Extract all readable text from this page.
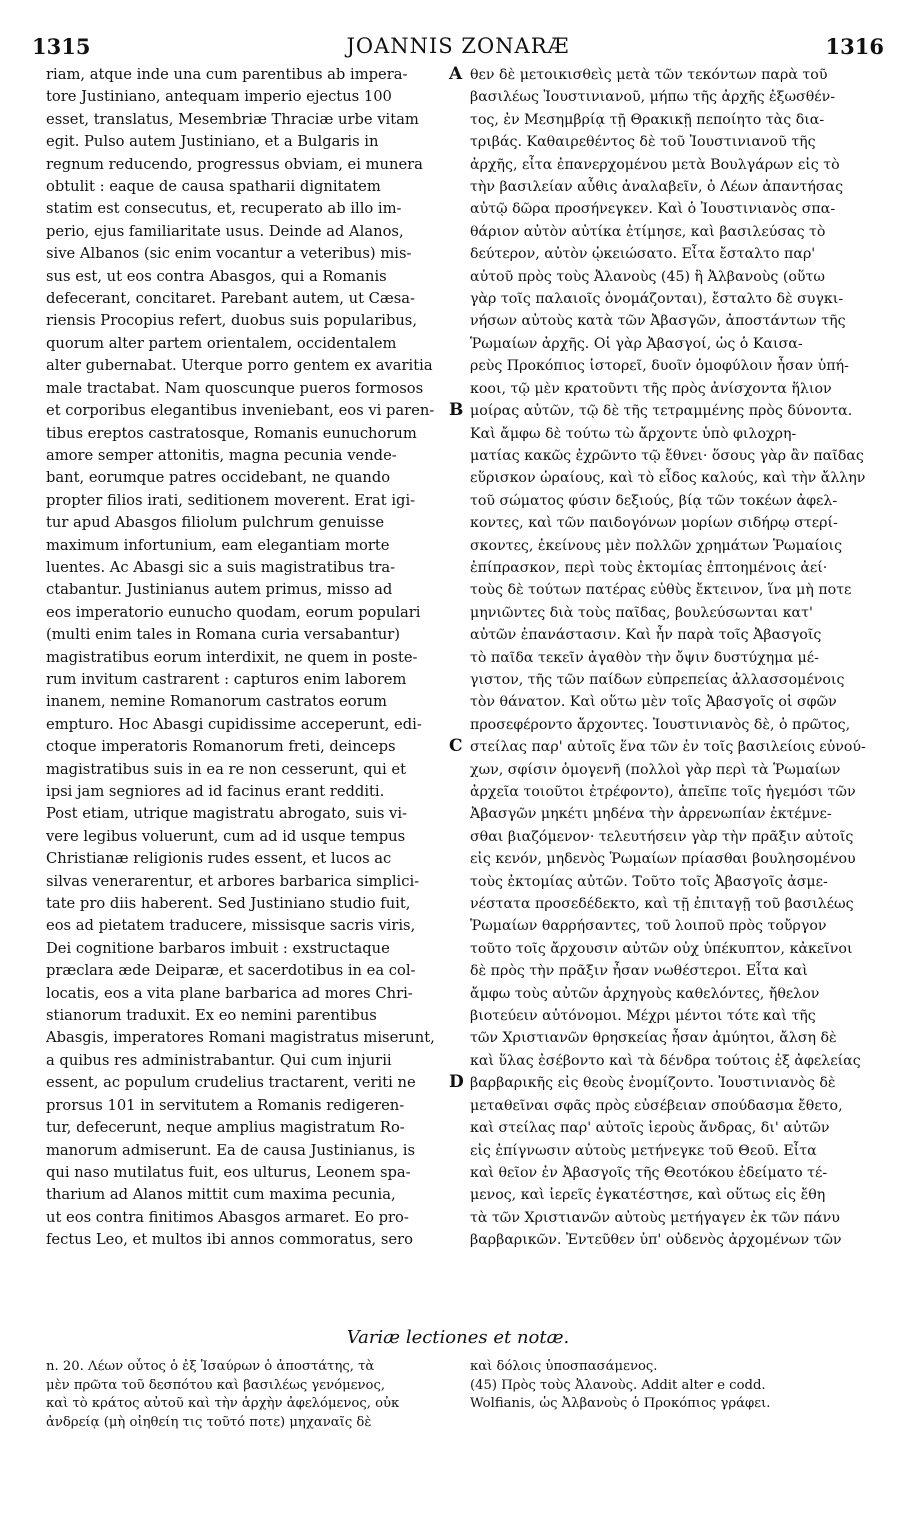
1315	JOANNIS ZONARÆ	1316
riam, atque inde una cum parentibus ab impera-
tore Justiniano, antequam imperio ejectus 100
esset, translatus, Mesembriæ Thraciæ urbe vitam
egit. Pulso autem Justiniano, et a Bulgaris in
regnum reducendo, progressus obviam, ei munera
obtulit : eaque de causa spatharii dignitatem
statim est consecutus, et, recuperato ab illo im-
perio, ejus familiaritate usus. Deinde ad Alanos,
sive Albanos (sic enim vocantur a veteribus) mis-
sus est, ut eos contra Abasgos, qui a Romanis
defecerant, concitaret. Parebant autem, ut Cæsa-
riensis Procopius refert, duobus suis popularibus,
quorum alter partem orientalem, occidentalem
alter gubernabat. Uterque porro gentem ex avaritia
male tractabat. Nam quoscunque pueros formosos
et corporibus elegantibus inveniebant, eos vi paren-
tibus ereptos castratosque, Romanis eunuchorum
amore semper attonitis, magna pecunia vende-
bant, eorumque patres occidebant, ne quando
propter filios irati, seditionem moverent. Erat igi-
tur apud Abasgos filiolum pulchrum genuisse
maximum infortunium, eam elegantiam morte
luentes. Ac Abasgi sic a suis magistratibus tra-
ctabantur. Justinianus autem primus, misso ad
eos imperatorio eunucho quodam, eorum populari
(multi enim tales in Romana curia versabantur)
magistratibus eorum interdixit, ne quem in poste-
rum invitum castrarent : capturos enim laborem
inanem, nemine Romanorum castratos eorum
empturo. Hoc Abasgi cupidissime acceperunt, edi-
ctoque imperatoris Romanorum freti, deinceps
magistratibus suis in ea re non cesserunt, qui et
ipsi jam segniores ad id facinus erant redditi.
Post etiam, utrique magistratu abrogato, suis vi-
vere legibus voluerunt, cum ad id usque tempus
Christianæ religionis rudes essent, et lucos ac
silvas venerarentur, et arbores barbarica simplici-
tate pro diis haberent. Sed Justiniano studio fuit,
eos ad pietatem traducere, missisque sacris viris,
Dei cognitione barbaros imbuit : exstructaque
præclara æde Deiparæ, et sacerdotibus in ea col-
locatis, eos a vita plane barbarica ad mores Chri-
stianorum traduxit. Ex eo nemini parentibus
Abasgis, imperatores Romani magistratus miserunt,
a quibus res administrabantur. Qui cum injurii
essent, ac populum crudelius tractarent, veriti ne
prorsus 101 in servitutem a Romanis redigeren-
tur, defecerunt, neque amplius magistratum Ro-
manorum admiserunt. Ea de causa Justinianus, is
qui naso mutilatus fuit, eos ulturus, Leonem spa-
tharium ad Alanos mittit cum maxima pecunia,
ut eos contra finitimos Abasgos armaret. Eo pro-
fectus Leo, et multos ibi annos commoratus, sero
θεν δὲ μετοικισθεὶς μετὰ τῶν τεκόντων παρὰ τοῦ
βασιλέως Ἰουστινιανοῦ, μήπω τῆς ἀρχῆς ἐξωσθέν-
τος, ἐν Μεσημβρίᾳ τῇ Θρακικῇ πεποίητο τὰς δια-
τριβάς. Καθαιρεθέντος δὲ τοῦ Ἰουστινιανοῦ τῆς
ἀρχῆς, εἶτα ἐπανερχομένου μετὰ Βουλγάρων εἰς τὸ
τὴν βασιλείαν αὖθις ἀναλαβεῖν, ὁ Λέων ἀπαντήσας
αὐτῷ δῶρα προσήνεγκεν. Καὶ ὁ Ἰουστινιανὸς σπα-
θάριον αὐτὸν αὐτίκα ἐτίμησε, καὶ βασιλεύσας τὸ
δεύτερον, αὐτὸν ᾠκειώσατο. Εἶτα ἔσταλτο παρ'
αὐτοῦ πρὸς τοὺς Ἀλανοὺς (45) ἢ Ἀλβανοὺς (οὕτω
γὰρ τοῖς παλαιοῖς ὀνομάζονται), ἔσταλτο δὲ συγκι-
νήσων αὐτοὺς κατὰ τῶν Ἀβασγῶν, ἀποστάντων τῆς
Ῥωμαίων ἀρχῆς. Οἱ γὰρ Ἀβασγοί, ὡς ὁ Καισα-
ρεὺς Προκόπιος ἱστορεῖ, δυοῖν ὁμοφύλοιν ἦσαν ὑπή-
κοοι, τῷ μὲν κρατοῦντι τῆς πρὸς ἀνίσχοντα ἥλιον
μοίρας αὐτῶν, τῷ δὲ τῆς τετραμμένης πρὸς δύνοντα.
Καὶ ἄμφω δὲ τούτω τὼ ἄρχοντε ὑπὸ φιλοχρη-
ματίας κακῶς ἐχρῶντο τῷ ἔθνει· ὅσους γὰρ ἂν παῖδας
εὕρισκον ὡραίους, καὶ τὸ εἶδος καλούς, καὶ τὴν ἄλλην
τοῦ σώματος φύσιν δεξιούς, βίᾳ τῶν τοκέων ἀφελ-
κοντες, καὶ τῶν παιδογόνων μορίων σιδήρῳ στερί-
σκοντες, ἐκείνους μὲν πολλῶν χρημάτων Ῥωμαίοις
ἐπίπρασκον, περὶ τοὺς ἐκτομίας ἐπτοημένοις ἀεί·
τοὺς δὲ τούτων πατέρας εὐθὺς ἔκτεινον, ἵνα μὴ ποτε
μηνιῶντες διὰ τοὺς παῖδας, βουλεύσωνται κατ'
αὐτῶν ἐπανάστασιν. Καὶ ἦν παρὰ τοῖς Ἀβασγοῖς
τὸ παῖδα τεκεῖν ἀγαθὸν τὴν ὄψιν δυστύχημα μέ-
γιστον, τῆς τῶν παίδων εὐπρεπείας ἀλλασσομένοις
τὸν θάνατον. Καὶ οὕτω μὲν τοῖς Ἀβασγοῖς οἱ σφῶν
προσεφέροντο ἄρχοντες. Ἰουστινιανὸς δὲ, ὁ πρῶτος,
στείλας παρ' αὐτοῖς ἕνα τῶν ἐν τοῖς βασιλείοις εὐνού-
χων, σφίσιν ὁμογενῆ (πολλοὶ γὰρ περὶ τὰ Ῥωμαίων
ἀρχεῖα τοιοῦτοι ἐτρέφοντο), ἀπεῖπε τοῖς ἡγεμόσι τῶν
Ἀβασγῶν μηκέτι μηδένα τὴν ἀρρενωπίαν ἐκτέμνε-
σθαι βιαζόμενον· τελευτήσειν γὰρ τὴν πρᾶξιν αὐτοῖς
εἰς κενόν, μηδενὸς Ῥωμαίων πρίασθαι βουλησομένου
τοὺς ἐκτομίας αὐτῶν. Τοῦτο τοῖς Ἀβασγοῖς ἀσμε-
νέστατα προσεδέδεκτο, καὶ τῇ ἐπιταγῇ τοῦ βασιλέως
Ῥωμαίων θαρρήσαντες, τοῦ λοιποῦ πρὸς τοὔργον
τοῦτο τοῖς ἄρχουσιν αὐτῶν οὐχ ὑπέκυπτον, κἀκεῖνοι
δὲ πρὸς τὴν πρᾶξιν ἦσαν νωθέστεροι. Εἶτα καὶ
ἄμφω τοὺς αὐτῶν ἀρχηγοὺς καθελόντες, ἤθελον
βιοτεύειν αὐτόνομοι. Μέχρι μέντοι τότε καὶ τῆς
τῶν Χριστιανῶν θρησκείας ἦσαν ἀμύητοι, ἄλση δὲ
καὶ ὕλας ἐσέβοντο καὶ τὰ δένδρα τούτοις ἐξ ἀφελείας
βαρβαρικῆς εἰς θεοὺς ἐνομίζοντο. Ἰουστινιανὸς δὲ
μεταθεῖναι σφᾶς πρὸς εὐσέβειαν σπούδασμα ἔθετο,
καὶ στείλας παρ' αὐτοῖς ἱεροὺς ἄνδρας, δι' αὐτῶν
εἰς ἐπίγνωσιν αὐτοὺς μετήνεγκε τοῦ Θεοῦ. Εἶτα
καὶ θεῖον ἐν Ἀβασγοῖς τῆς Θεοτόκου ἐδείματο τέ-
μενος, καὶ ἱερεῖς ἐγκατέστησε, καὶ οὕτως εἰς ἔθη
τὰ τῶν Χριστιανῶν αὐτοὺς μετήγαγεν ἐκ τῶν πάνυ
βαρβαρικῶν. Ἐντεῦθεν ὑπ' οὐδενὸς ἀρχομένων τῶν
A
B
C
D
Variæ lectiones et notæ.
n. 20. Λέων οὗτος ὁ ἐξ Ἰσαύρων ὁ ἀποστάτης, τὰ
μὲν πρῶτα τοῦ δεσπότου καὶ βασιλέως γενόμενος,
καὶ τὸ κράτος αὐτοῦ καὶ τὴν ἀρχὴν ἀφελόμενος, οὐκ
ἀνδρείᾳ (μὴ οἰηθείη τις τοῦτό ποτε) μηχαναῖς δὲ
καὶ δόλοις ὑποσπασάμενος.
(45) Πρὸς τοὺς Ἀλανοὺς. Addit alter e codd.
Wolfianis, ὡς Ἀλβανοὺς ὁ Προκόπιος γράφει.
